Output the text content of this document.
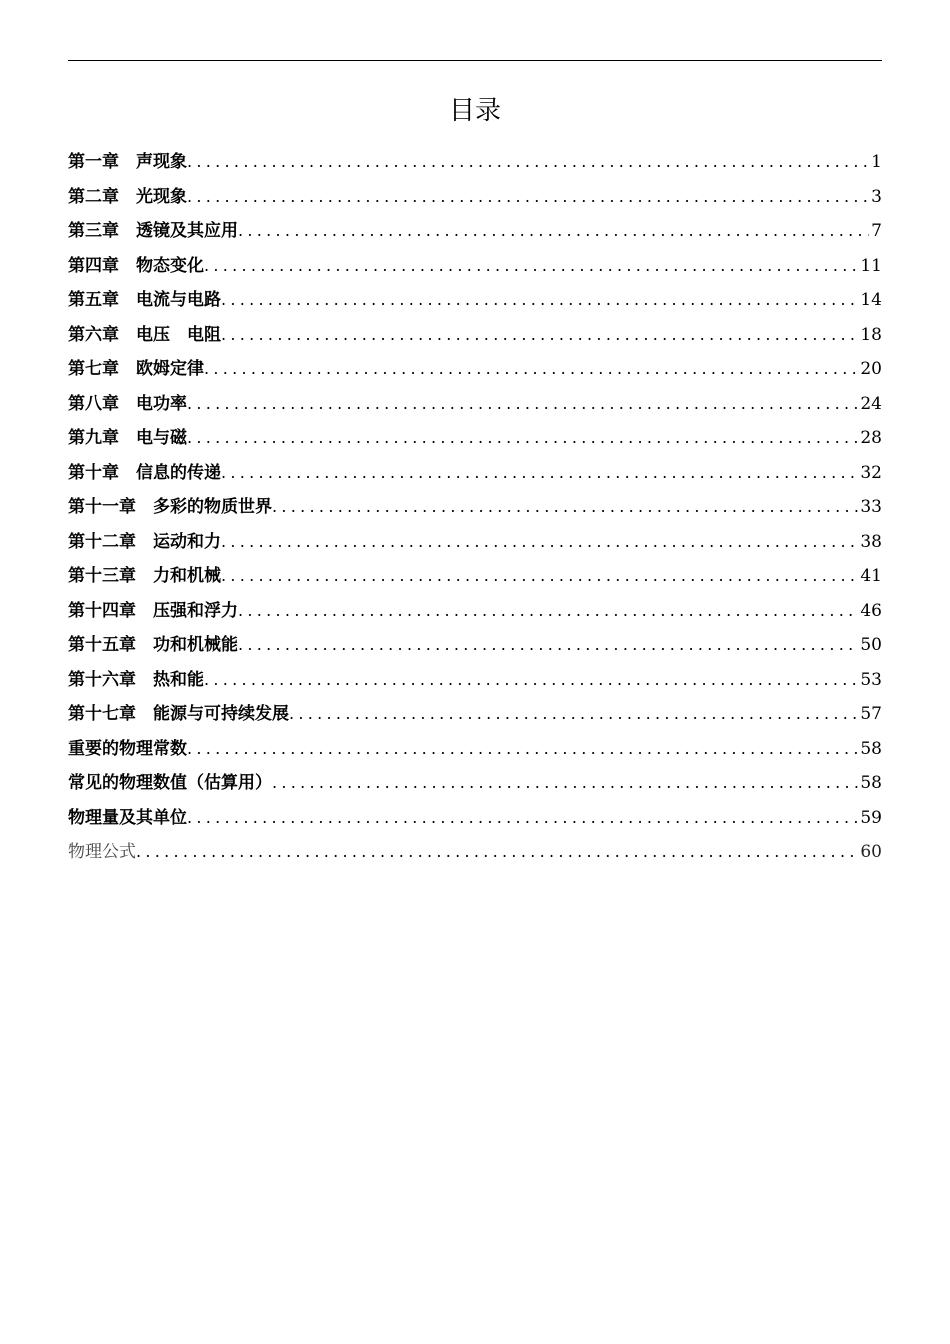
目录
第一章　 声现象 .....	1
第二章　 光现象 .....	3
第三章　 透镜及其应用 .....	7
第四章　 物态变化 .....	11
第五章　 电流与电路 .....	14
第六章　 电压　电阻 .....	18
第七章　 欧姆定律 .....	20
第八章　 电功率 .....	24
第九章　 电与磁 .....	28
第十章　 信息的传递 .....	32
第十一章　 多彩的物质世界 .....	33
第十二章　 运动和力 .....	38
第十三章　 力和机械 .....	41
第十四章　 压强和浮力 .....	46
第十五章　 功和机械能 .....	50
第十六章　 热和能 .....	53
第十七章　 能源与可持续发展 .....	57
重要的物理常数 .....	58
常见的物理数值（估算用） .....	58
物理量及其单位 .....	59
物理公式 .....	60
